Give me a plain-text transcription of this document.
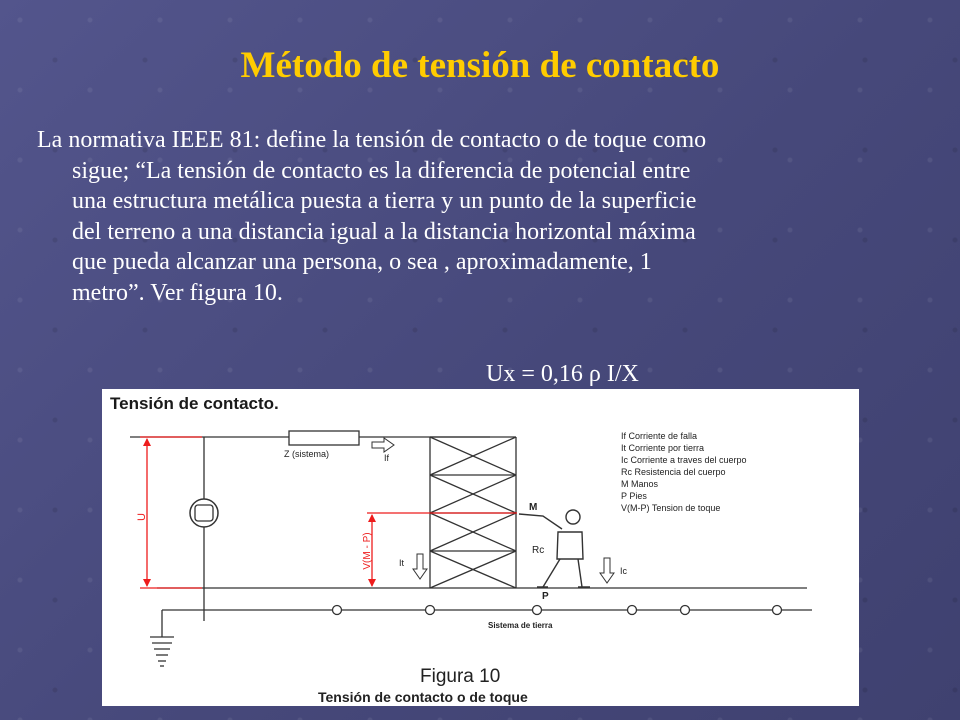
Método de tensión de contacto
La normativa IEEE 81: define la tensión de contacto o de toque como
sigue; “La tensión de contacto es la diferencia de potencial entre
una estructura metálica puesta a tierra y un punto de la superficie
del terreno a una distancia igual a la distancia horizontal máxima
que pueda alcanzar una persona, o sea , aproximadamente, 1
metro”. Ver figura 10.
Ux = 0,16 ρ I/X
Tensión de contacto.
Z (sistema)	If
U
V(M - P)	It
M
Rc
P
Ic
Sistema de tierra
If Corriente de falla
It Corriente por tierra
Ic Corriente a traves del cuerpo
Rc Resistencia del cuerpo
M Manos
P Pies
V(M-P) Tension de toque
Figura 10
Tensión de contacto o de toque
